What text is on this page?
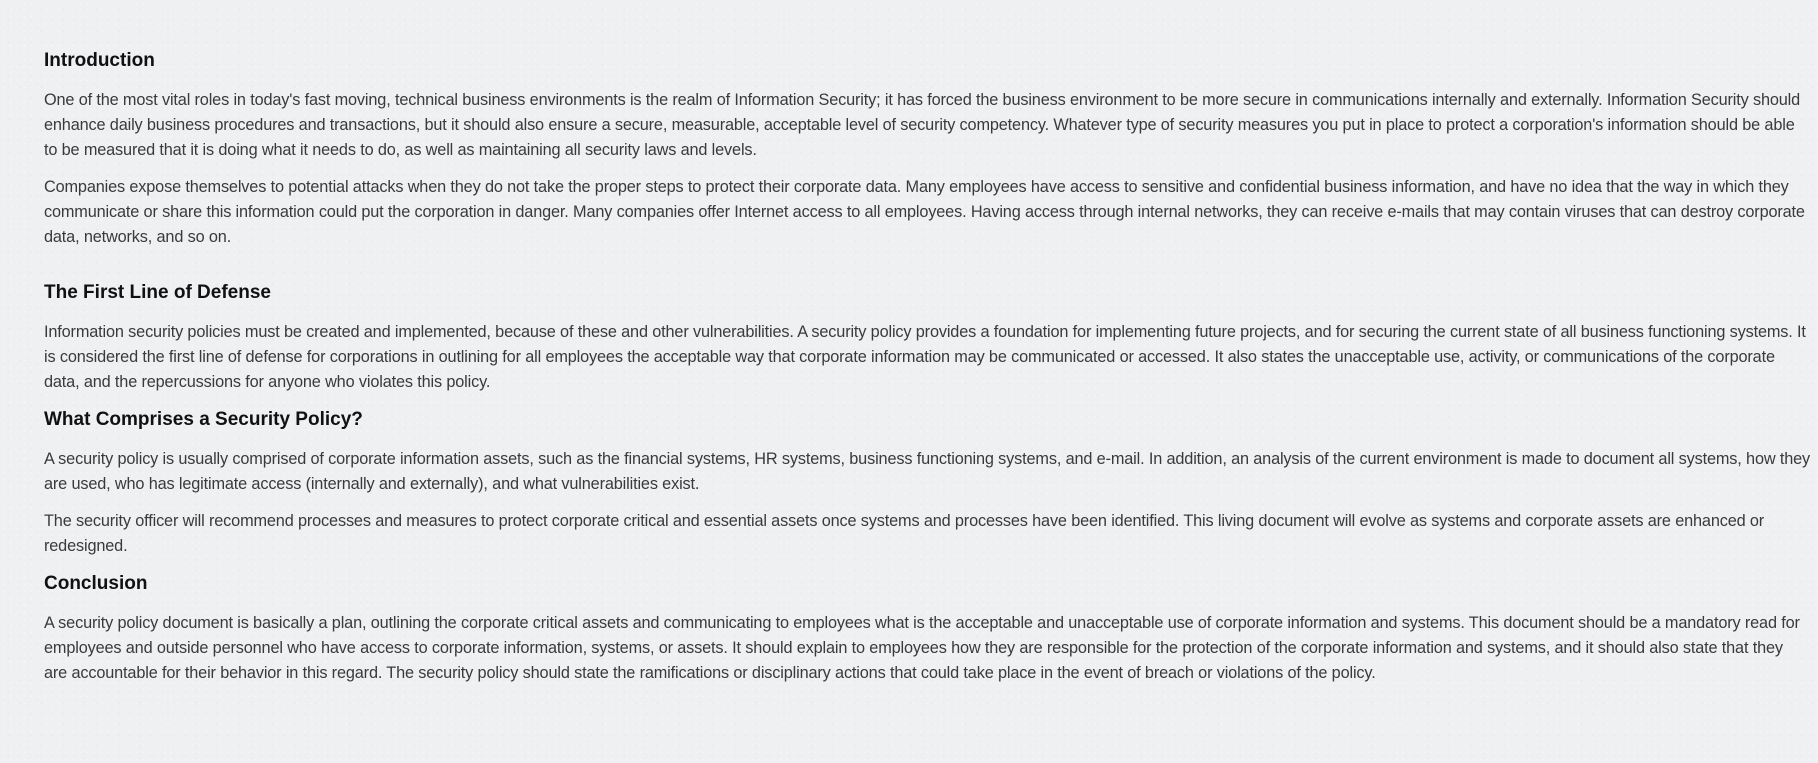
Introduction

One of the most vital roles in today's fast moving, technical business environments is the realm of Information Security; it has forced the business environment to be more secure in communications internally and externally. Information Security should enhance daily business procedures and transactions, but it should also ensure a secure, measurable, acceptable level of security competency. Whatever type of security measures you put in place to protect a corporation's information should be able to be measured that it is doing what it needs to do, as well as maintaining all security laws and levels.

Companies expose themselves to potential attacks when they do not take the proper steps to protect their corporate data. Many employees have access to sensitive and confidential business information, and have no idea that the way in which they communicate or share this information could put the corporation in danger. Many companies offer Internet access to all employees. Having access through internal networks, they can receive e-mails that may contain viruses that can destroy corporate data, networks, and so on.

The First Line of Defense

Information security policies must be created and implemented, because of these and other vulnerabilities. A security policy provides a foundation for implementing future projects, and for securing the current state of all business functioning systems. It is considered the first line of defense for corporations in outlining for all employees the acceptable way that corporate information may be communicated or accessed. It also states the unacceptable use, activity, or communications of the corporate data, and the repercussions for anyone who violates this policy.

What Comprises a Security Policy?

A security policy is usually comprised of corporate information assets, such as the financial systems, HR systems, business functioning systems, and e-mail. In addition, an analysis of the current environment is made to document all systems, how they are used, who has legitimate access (internally and externally), and what vulnerabilities exist.

The security officer will recommend processes and measures to protect corporate critical and essential assets once systems and processes have been identified. This living document will evolve as systems and corporate assets are enhanced or redesigned.

Conclusion

A security policy document is basically a plan, outlining the corporate critical assets and communicating to employees what is the acceptable and unacceptable use of corporate information and systems. This document should be a mandatory read for employees and outside personnel who have access to corporate information, systems, or assets. It should explain to employees how they are responsible for the protection of the corporate information and systems, and it should also state that they are accountable for their behavior in this regard. The security policy should state the ramifications or disciplinary actions that could take place in the event of breach or violations of the policy.
